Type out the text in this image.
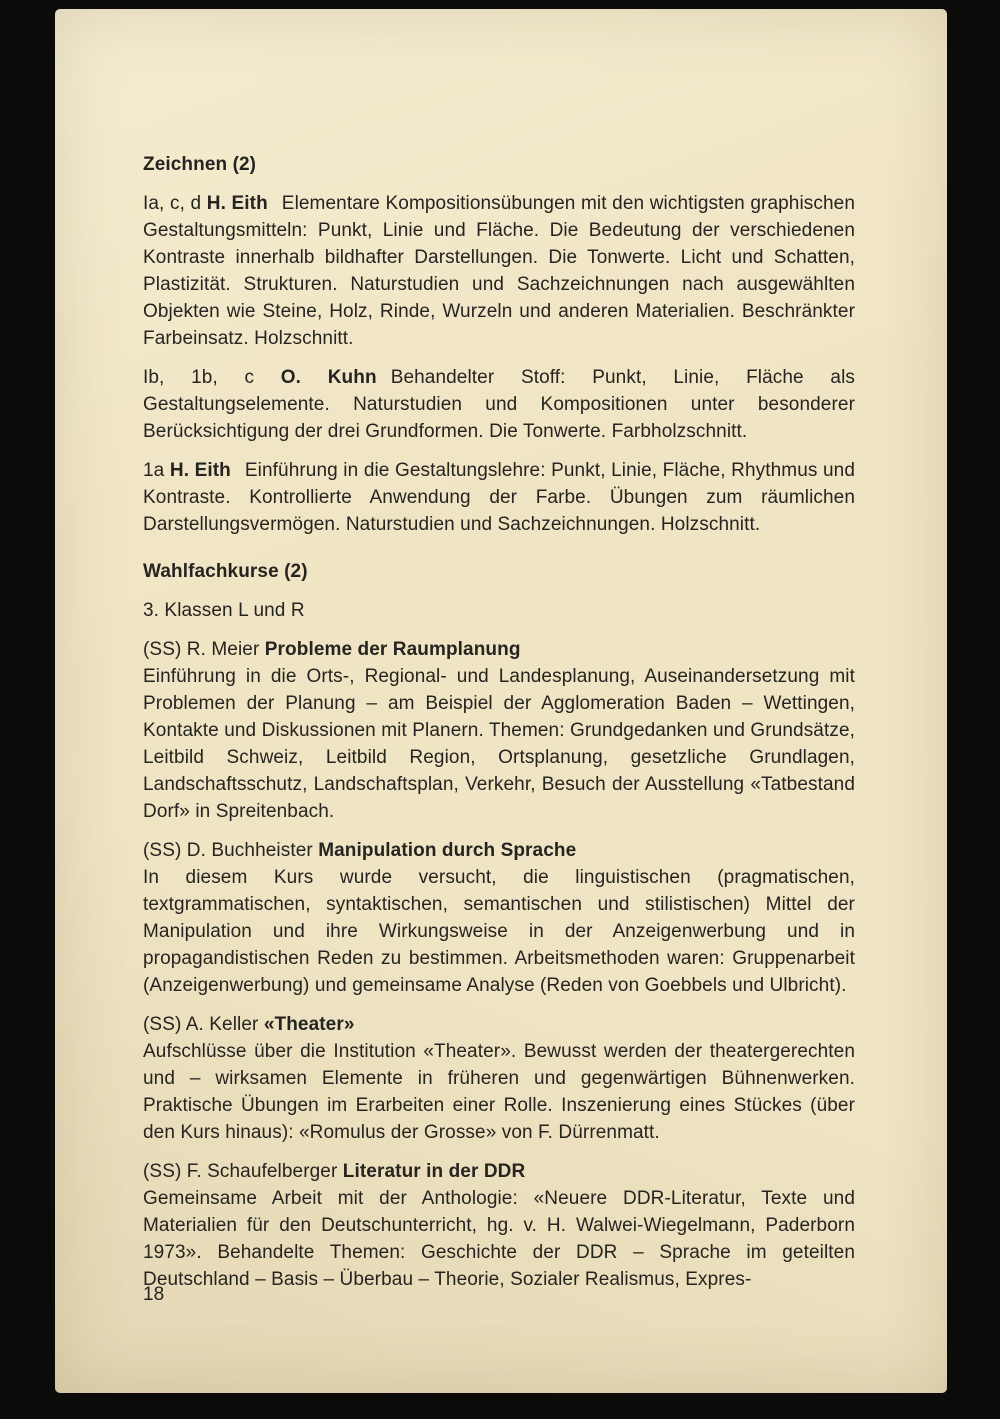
Zeichnen (2)

Ia, c, d H. Eith Elementare Kompositionsübungen mit den wichtigsten graphischen Gestaltungsmitteln: Punkt, Linie und Fläche. Die Bedeutung der verschiedenen Kontraste innerhalb bildhafter Darstellungen. Die Tonwerte. Licht und Schatten, Plastizität. Strukturen. Naturstudien und Sachzeichnungen nach ausgewählten Objekten wie Steine, Holz, Rinde, Wurzeln und anderen Materialien. Beschränkter Farbeinsatz. Holzschnitt.

Ib, 1b, c O. Kuhn Behandelter Stoff: Punkt, Linie, Fläche als Gestaltungselemente. Naturstudien und Kompositionen unter besonderer Berücksichtigung der drei Grundformen. Die Tonwerte. Farbholzschnitt.

1a H. Eith Einführung in die Gestaltungslehre: Punkt, Linie, Fläche, Rhythmus und Kontraste. Kontrollierte Anwendung der Farbe. Übungen zum räumlichen Darstellungsvermögen. Naturstudien und Sachzeichnungen. Holzschnitt.

Wahlfachkurse (2)

3. Klassen L und R

(SS) R. Meier Probleme der Raumplanung
Einführung in die Orts-, Regional- und Landesplanung, Auseinandersetzung mit Problemen der Planung – am Beispiel der Agglomeration Baden – Wettingen, Kontakte und Diskussionen mit Planern. Themen: Grundgedanken und Grundsätze, Leitbild Schweiz, Leitbild Region, Ortsplanung, gesetzliche Grundlagen, Landschaftsschutz, Landschaftsplan, Verkehr, Besuch der Ausstellung «Tatbestand Dorf» in Spreitenbach.
(SS) D. Buchheister Manipulation durch Sprache
In diesem Kurs wurde versucht, die linguistischen (pragmatischen, textgrammatischen, syntaktischen, semantischen und stilistischen) Mittel der Manipulation und ihre Wirkungsweise in der Anzeigenwerbung und in propagandistischen Reden zu bestimmen. Arbeitsmethoden waren: Gruppenarbeit (Anzeigenwerbung) und gemeinsame Analyse (Reden von Goebbels und Ulbricht).
(SS) A. Keller «Theater»
Aufschlüsse über die Institution «Theater». Bewusst werden der theatergerechten und – wirksamen Elemente in früheren und gegenwärtigen Bühnenwerken. Praktische Übungen im Erarbeiten einer Rolle. Inszenierung eines Stückes (über den Kurs hinaus): «Romulus der Grosse» von F. Dürrenmatt.
(SS) F. Schaufelberger Literatur in der DDR
Gemeinsame Arbeit mit der Anthologie: «Neuere DDR-Literatur, Texte und Materialien für den Deutschunterricht, hg. v. H. Walwei-Wiegelmann, Paderborn 1973». Behandelte Themen: Geschichte der DDR – Sprache im geteilten Deutschland – Basis – Überbau – Theorie, Sozialer Realismus, Expres-
18
